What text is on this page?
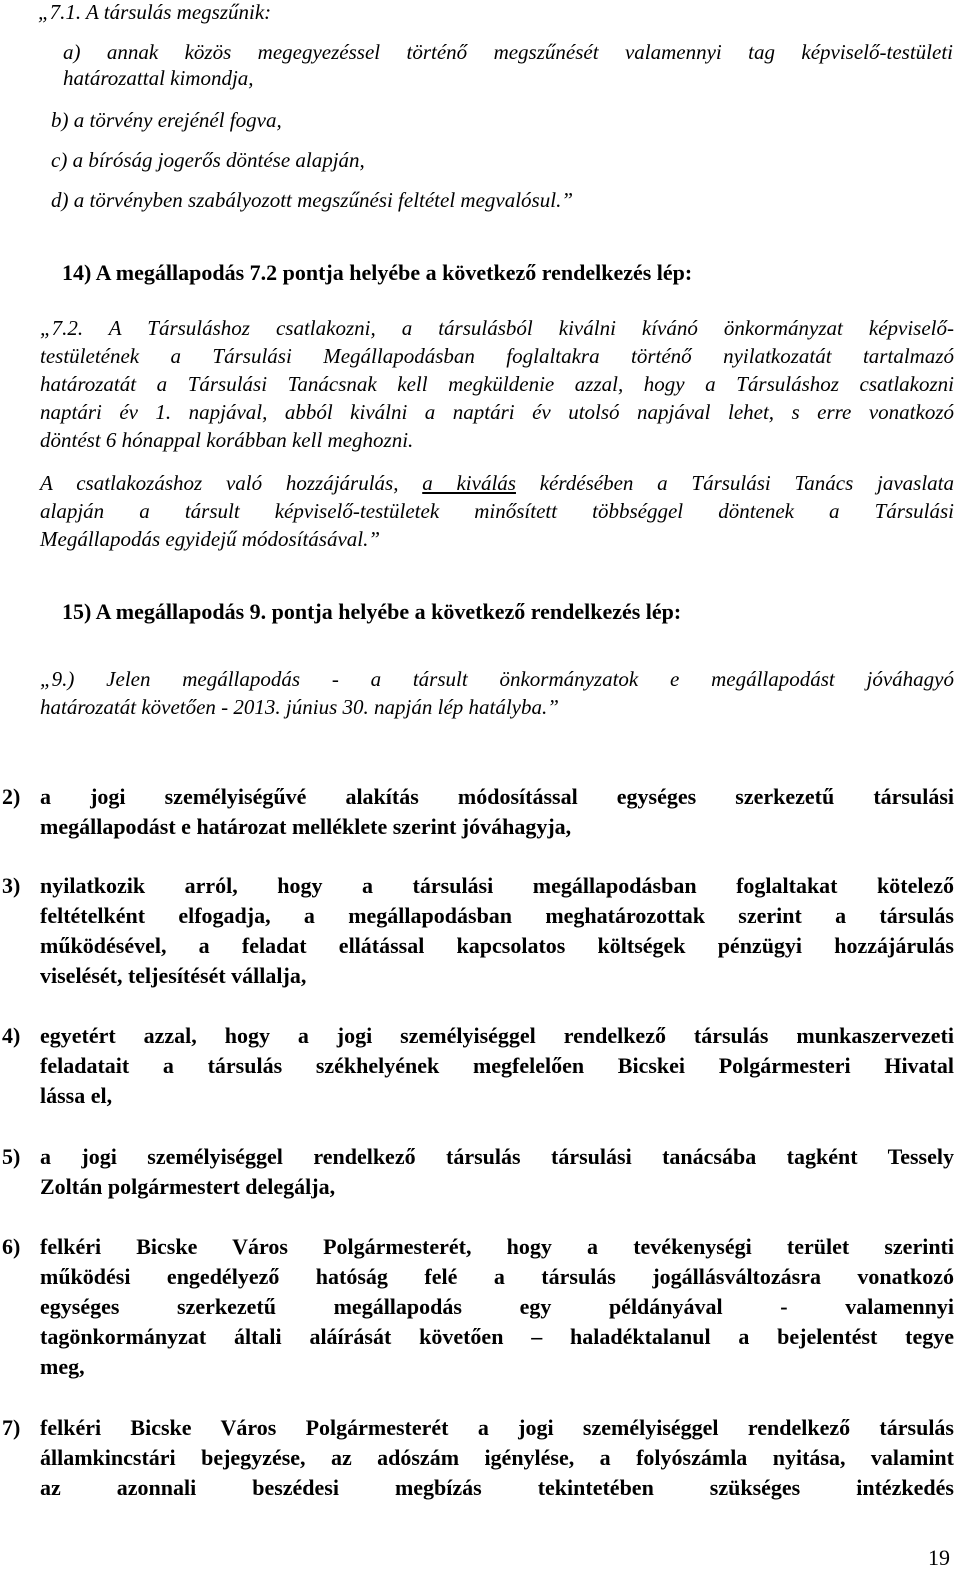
„7.1. A társulás megszűnik:

a) annak közös megegyezéssel történő megszűnését valamennyi tag képviselő-testületi

határozattal kimondja,

b) a törvény erejénél fogva,

c) a bíróság jogerős döntése alapján,

d) a törvényben szabályozott megszűnési feltétel megvalósul.”

14) A megállapodás 7.2 pontja helyébe a következő rendelkezés lép:

„7.2. A Társuláshoz csatlakozni, a társulásból kiválni kívánó önkormányzat képviselő-

testületének a Társulási Megállapodásban foglaltakra történő nyilatkozatát tartalmazó

határozatát a Társulási Tanácsnak kell megküldenie azzal, hogy a Társuláshoz csatlakozni

naptári év 1. napjával, abból kiválni a naptári év utolsó napjával lehet, s erre vonatkozó

döntést 6 hónappal korábban kell meghozni.

A csatlakozáshoz való hozzájárulás, a kiválás kérdésében a Társulási Tanács javaslata

alapján a társult képviselő-testületek minősített többséggel döntenek a Társulási

Megállapodás egyidejű módosításával.”

15) A megállapodás 9. pontja helyébe a következő rendelkezés lép:

„9.) Jelen megállapodás - a társult önkormányzatok e megállapodást jóváhagyó

határozatát követően - 2013. június 30. napján lép hatályba.”

2) a jogi személyiségűvé alakítás módosítással egységes szerkezetű társulási

megállapodást e határozat melléklete szerint jóváhagyja,

3) nyilatkozik arról, hogy a társulási megállapodásban foglaltakat kötelező

feltételként elfogadja, a megállapodásban meghatározottak szerint a társulás

működésével, a feladat ellátással kapcsolatos költségek pénzügyi hozzájárulás

viselését, teljesítését vállalja,

4) egyetért azzal, hogy a jogi személyiséggel rendelkező társulás munkaszervezeti

feladatait a társulás székhelyének megfelelően Bicskei Polgármesteri Hivatal

lássa el,

5) a jogi személyiséggel rendelkező társulás társulási tanácsába tagként Tessely

Zoltán polgármestert delegálja,

6) felkéri Bicske Város Polgármesterét, hogy a tevékenységi terület szerinti

működési engedélyező hatóság felé a társulás jogállásváltozásra vonatkozó

egységes szerkezetű megállapodás egy példányával - valamennyi

tagönkormányzat általi aláírását követően – haladéktalanul a bejelentést tegye

meg,

7) felkéri Bicske Város Polgármesterét a jogi személyiséggel rendelkező társulás

államkincstári bejegyzése, az adószám igénylése, a folyószámla nyitása, valamint

az azonnali beszédesi megbízás tekintetében szükséges intézkedés

19
